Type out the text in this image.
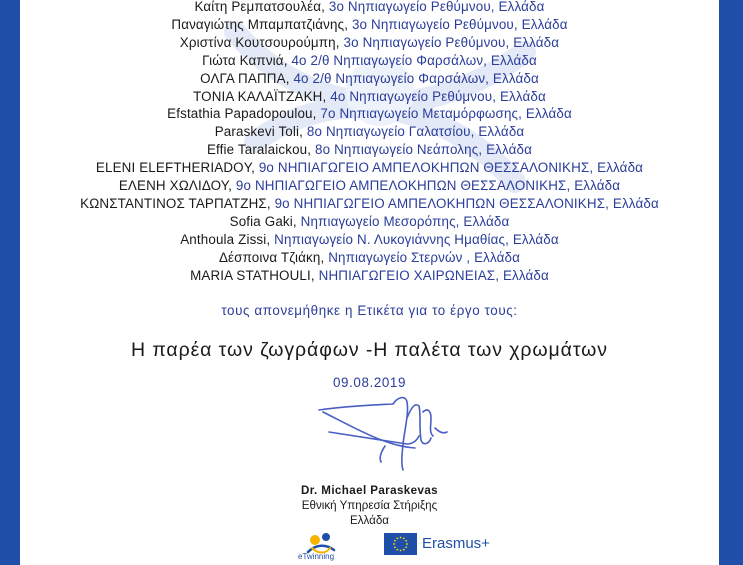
Καίτη Ρεμπατσουλέα, 3ο Νηπιαγωγείο Ρεθύμνου, Ελλάδα
Παναγιώτης Μπαμπατζιάνης, 3ο Νηπιαγωγείο Ρεθύμνου, Ελλάδα
Χριστίνα Κουτσουρούμπη, 3ο Νηπιαγωγείο Ρεθύμνου, Ελλάδα
Γιώτα Καπνιά, 4ο 2/θ Νηπιαγωγείο Φαρσάλων, Ελλάδα
ΟΛΓΑ ΠΑΠΠΑ, 4ο 2/θ Νηπιαγωγείο Φαρσάλων, Ελλάδα
ΤΟΝΙΑ ΚΑΛΑΪΤΖΑΚΗ, 4ο Νηπιαγωγείο Ρεθύμνου, Ελλάδα
Efstathia Papadopoulou, 7ο Νηπιαγωγείο Μεταμόρφωσης, Ελλάδα
Paraskevi Toli, 8ο Νηπιαγωγείο Γαλατσίου, Ελλάδα
Effie Taralaickou, 8ο Νηπιαγωγείο Νεάπολης, Ελλάδα
ELENI ELEFTHERIADOY, 9ο ΝΗΠΙΑΓΩΓΕΙΟ ΑΜΠΕΛΟΚΗΠΩΝ ΘΕΣΣΑΛΟΝΙΚΗΣ, Ελλάδα
ΕΛΕΝΗ ΧΩΛΙΔΟΥ, 9ο ΝΗΠΙΑΓΩΓΕΙΟ ΑΜΠΕΛΟΚΗΠΩΝ ΘΕΣΣΑΛΟΝΙΚΗΣ, Ελλάδα
ΚΩΝΣΤΑΝΤΙΝΟΣ ΤΑΡΠΑΤΖΗΣ, 9ο ΝΗΠΙΑΓΩΓΕΙΟ ΑΜΠΕΛΟΚΗΠΩΝ ΘΕΣΣΑΛΟΝΙΚΗΣ, Ελλάδα
Sofia Gaki, Νηπιαγωγείο Μεσορόπης, Ελλάδα
Anthoula Zissi, Νηπιαγωγείο Ν. Λυκογιάννης Ημαθίας, Ελλάδα
Δέσποινα Τζιάκη, Νηπιαγωγείο Στερνών , Ελλάδα
MARIA STATHOULI, ΝΗΠΙΑΓΩΓΕΙΟ ΧΑΙΡΩΝΕΙΑΣ, Ελλάδα
τους απονεμήθηκε η Ετικέτα για το έργο τους:
Η παρέα των ζωγράφων -Η παλέτα των χρωμάτων
09.08.2019
Dr. Michael Paraskevas
Εθνική Υπηρεσία Στήριξης
Ελλάδα
eTwinning
Erasmus+
